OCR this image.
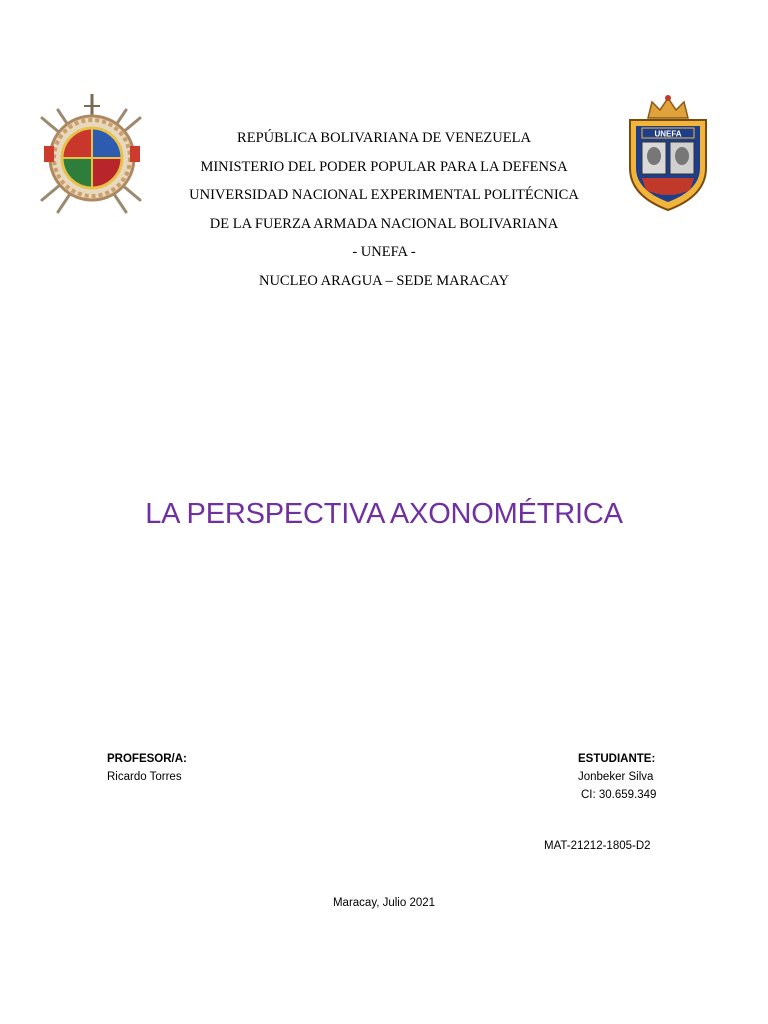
UNEFA
REPÚBLICA BOLIVARIANA DE VENEZUELA
MINISTERIO DEL PODER POPULAR PARA LA DEFENSA
UNIVERSIDAD NACIONAL EXPERIMENTAL POLITÉCNICA
DE LA FUERZA ARMADA NACIONAL BOLIVARIANA
- UNEFA -
NUCLEO ARAGUA – SEDE MARACAY
LA PERSPECTIVA AXONOMÉTRICA
PROFESOR/A:
Ricardo Torres
ESTUDIANTE:
Jonbeker Silva
CI: 30.659.349
MAT-21212-1805-D2
Maracay, Julio 2021
